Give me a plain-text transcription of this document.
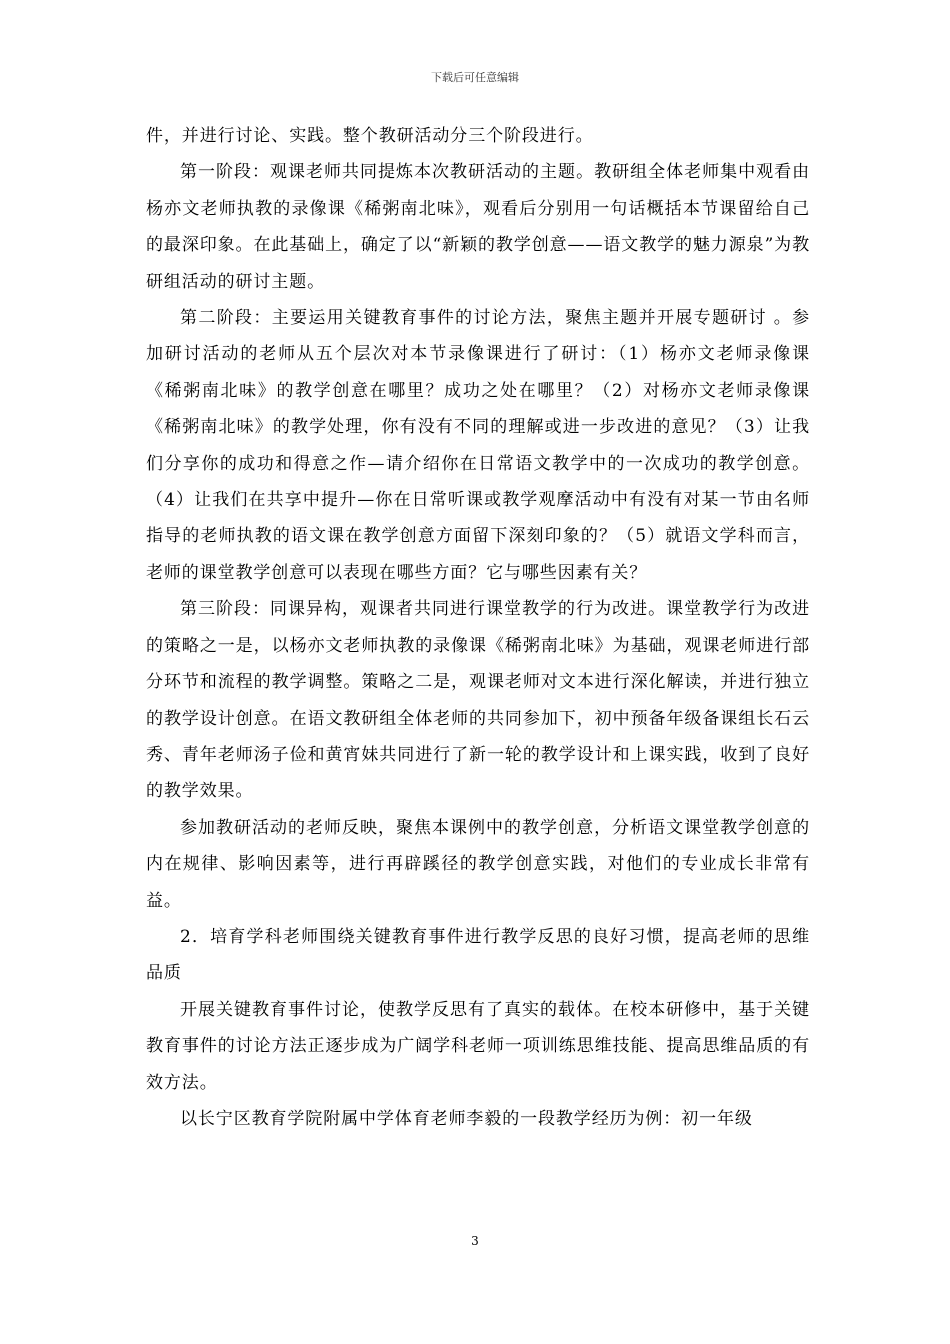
下载后可任意编辑

件，并进行讨论、实践。整个教研活动分三个阶段进行。

第一阶段：观课老师共同提炼本次教研活动的主题。教研组全体老师集中观看由杨亦文老师执教的录像课《稀粥南北味》，观看后分别用一句话概括本节课留给自己的最深印象。在此基础上，确定了以“新颖的教学创意——语文教学的魅力源泉”为教研组活动的研讨主题。

第二阶段：主要运用关键教育事件的讨论方法，聚焦主题并开展专题研讨 。参加研讨活动的老师从五个层次对本节录像课进行了研讨：（1）杨亦文老师录像课《稀粥南北味》的教学创意在哪里？成功之处在哪里？（2）对杨亦文老师录像课《稀粥南北味》的教学处理，你有没有不同的理解或进一步改进的意见？（3）让我们分享你的成功和得意之作—请介绍你在日常语文教学中的一次成功的教学创意。（4）让我们在共享中提升—你在日常听课或教学观摩活动中有没有对某一节由名师指导的老师执教的语文课在教学创意方面留下深刻印象的？（5）就语文学科而言，老师的课堂教学创意可以表现在哪些方面？它与哪些因素有关？

第三阶段：同课异构，观课者共同进行课堂教学的行为改进。课堂教学行为改进的策略之一是，以杨亦文老师执教的录像课《稀粥南北味》为基础，观课老师进行部分环节和流程的教学调整。策略之二是，观课老师对文本进行深化解读，并进行独立的教学设计创意。在语文教研组全体老师的共同参加下，初中预备年级备课组长石云秀、青年老师汤子俭和黄宵妹共同进行了新一轮的教学设计和上课实践，收到了良好的教学效果。

参加教研活动的老师反映，聚焦本课例中的教学创意，分析语文课堂教学创意的内在规律、影响因素等，进行再辟蹊径的教学创意实践，对他们的专业成长非常有益。

2．培育学科老师围绕关键教育事件进行教学反思的良好习惯，提高老师的思维品质

开展关键教育事件讨论，使教学反思有了真实的载体。在校本研修中，基于关键教育事件的讨论方法正逐步成为广阔学科老师一项训练思维技能、提高思维品质的有效方法。

以长宁区教育学院附属中学体育老师李毅的一段教学经历为例：初一年级

3
